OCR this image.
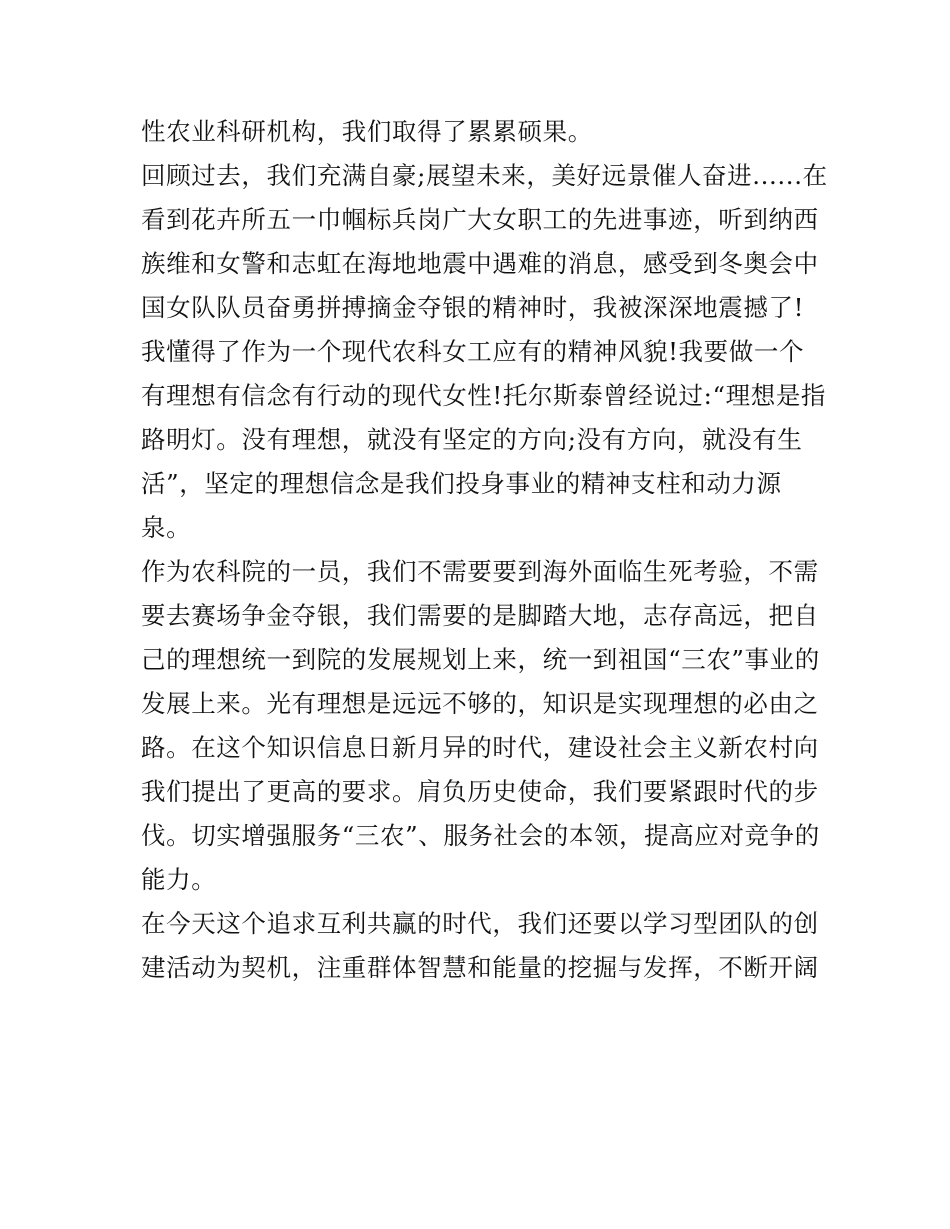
性农业科研机构，我们取得了累累硕果。
回顾过去，我们充满自豪;展望未来，美好远景催人奋进......在
看到花卉所五一巾帼标兵岗广大女职工的先进事迹，听到纳西
族维和女警和志虹在海地地震中遇难的消息，感受到冬奥会中
国女队队员奋勇拼搏摘金夺银的精神时，我被深深地震撼了!
我懂得了作为一个现代农科女工应有的精神风貌!我要做一个
有理想有信念有行动的现代女性!托尔斯泰曾经说过:“理想是指
路明灯。没有理想，就没有坚定的方向;没有方向，就没有生
活”，坚定的理想信念是我们投身事业的精神支柱和动力源
泉。
作为农科院的一员，我们不需要要到海外面临生死考验，不需
要去赛场争金夺银，我们需要的是脚踏大地，志存高远，把自
己的理想统一到院的发展规划上来，统一到祖国“三农”事业的
发展上来。光有理想是远远不够的，知识是实现理想的必由之
路。在这个知识信息日新月异的时代，建设社会主义新农村向
我们提出了更高的要求。肩负历史使命，我们要紧跟时代的步
伐。切实增强服务“三农”、服务社会的本领，提高应对竞争的
能力。
在今天这个追求互利共赢的时代，我们还要以学习型团队的创
建活动为契机，注重群体智慧和能量的挖掘与发挥，不断开阔
